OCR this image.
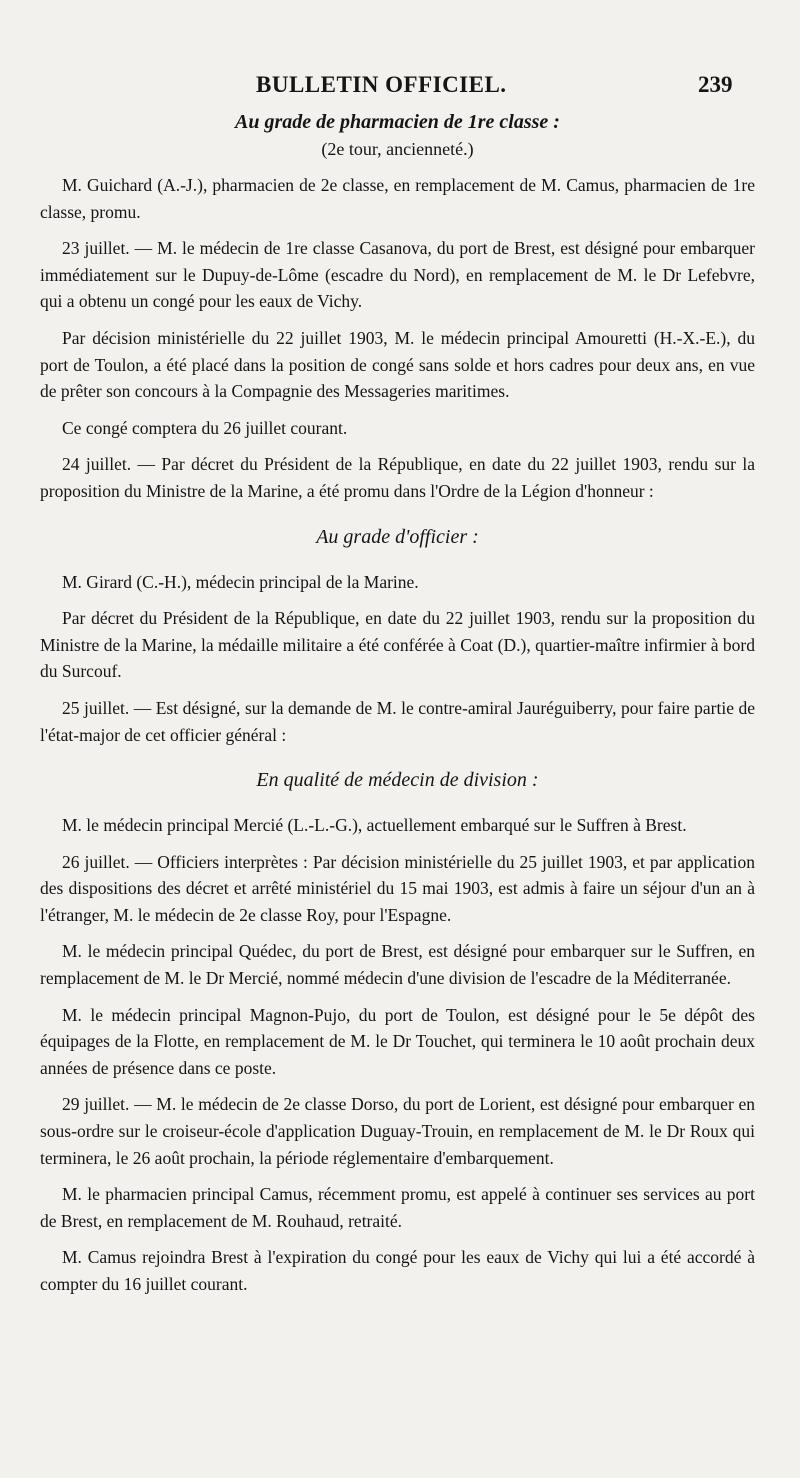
BULLETIN OFFICIEL.	239
Au grade de pharmacien de 1re classe :
(2e tour, ancienneté.)

M. Guichard (A.-J.), pharmacien de 2e classe, en remplacement de M. Camus, pharmacien de 1re classe, promu.

23 juillet. — M. le médecin de 1re classe Casanova, du port de Brest, est désigné pour embarquer immédiatement sur le Dupuy-de-Lôme (escadre du Nord), en remplacement de M. le Dr Lefebvre, qui a obtenu un congé pour les eaux de Vichy.

Par décision ministérielle du 22 juillet 1903, M. le médecin principal Amouretti (H.-X.-E.), du port de Toulon, a été placé dans la position de congé sans solde et hors cadres pour deux ans, en vue de prêter son concours à la Compagnie des Messageries maritimes.

Ce congé comptera du 26 juillet courant.

24 juillet. — Par décret du Président de la République, en date du 22 juillet 1903, rendu sur la proposition du Ministre de la Marine, a été promu dans l'Ordre de la Légion d'honneur :

Au grade d'officier :

M. Girard (C.-H.), médecin principal de la Marine.

Par décret du Président de la République, en date du 22 juillet 1903, rendu sur la proposition du Ministre de la Marine, la médaille militaire a été conférée à Coat (D.), quartier-maître infirmier à bord du Surcouf.

25 juillet. — Est désigné, sur la demande de M. le contre-amiral Jauréguiberry, pour faire partie de l'état-major de cet officier général :

En qualité de médecin de division :

M. le médecin principal Mercié (L.-L.-G.), actuellement embarqué sur le Suffren à Brest.

26 juillet. — Officiers interprètes : Par décision ministérielle du 25 juillet 1903, et par application des dispositions des décret et arrêté ministériel du 15 mai 1903, est admis à faire un séjour d'un an à l'étranger, M. le médecin de 2e classe Roy, pour l'Espagne.

M. le médecin principal Quédec, du port de Brest, est désigné pour embarquer sur le Suffren, en remplacement de M. le Dr Mercié, nommé médecin d'une division de l'escadre de la Méditerranée.

M. le médecin principal Magnon-Pujo, du port de Toulon, est désigné pour le 5e dépôt des équipages de la Flotte, en remplacement de M. le Dr Touchet, qui terminera le 10 août prochain deux années de présence dans ce poste.

29 juillet. — M. le médecin de 2e classe Dorso, du port de Lorient, est désigné pour embarquer en sous-ordre sur le croiseur-école d'application Duguay-Trouin, en remplacement de M. le Dr Roux qui terminera, le 26 août prochain, la période réglementaire d'embarquement.

M. le pharmacien principal Camus, récemment promu, est appelé à continuer ses services au port de Brest, en remplacement de M. Rouhaud, retraité.

M. Camus rejoindra Brest à l'expiration du congé pour les eaux de Vichy qui lui a été accordé à compter du 16 juillet courant.
